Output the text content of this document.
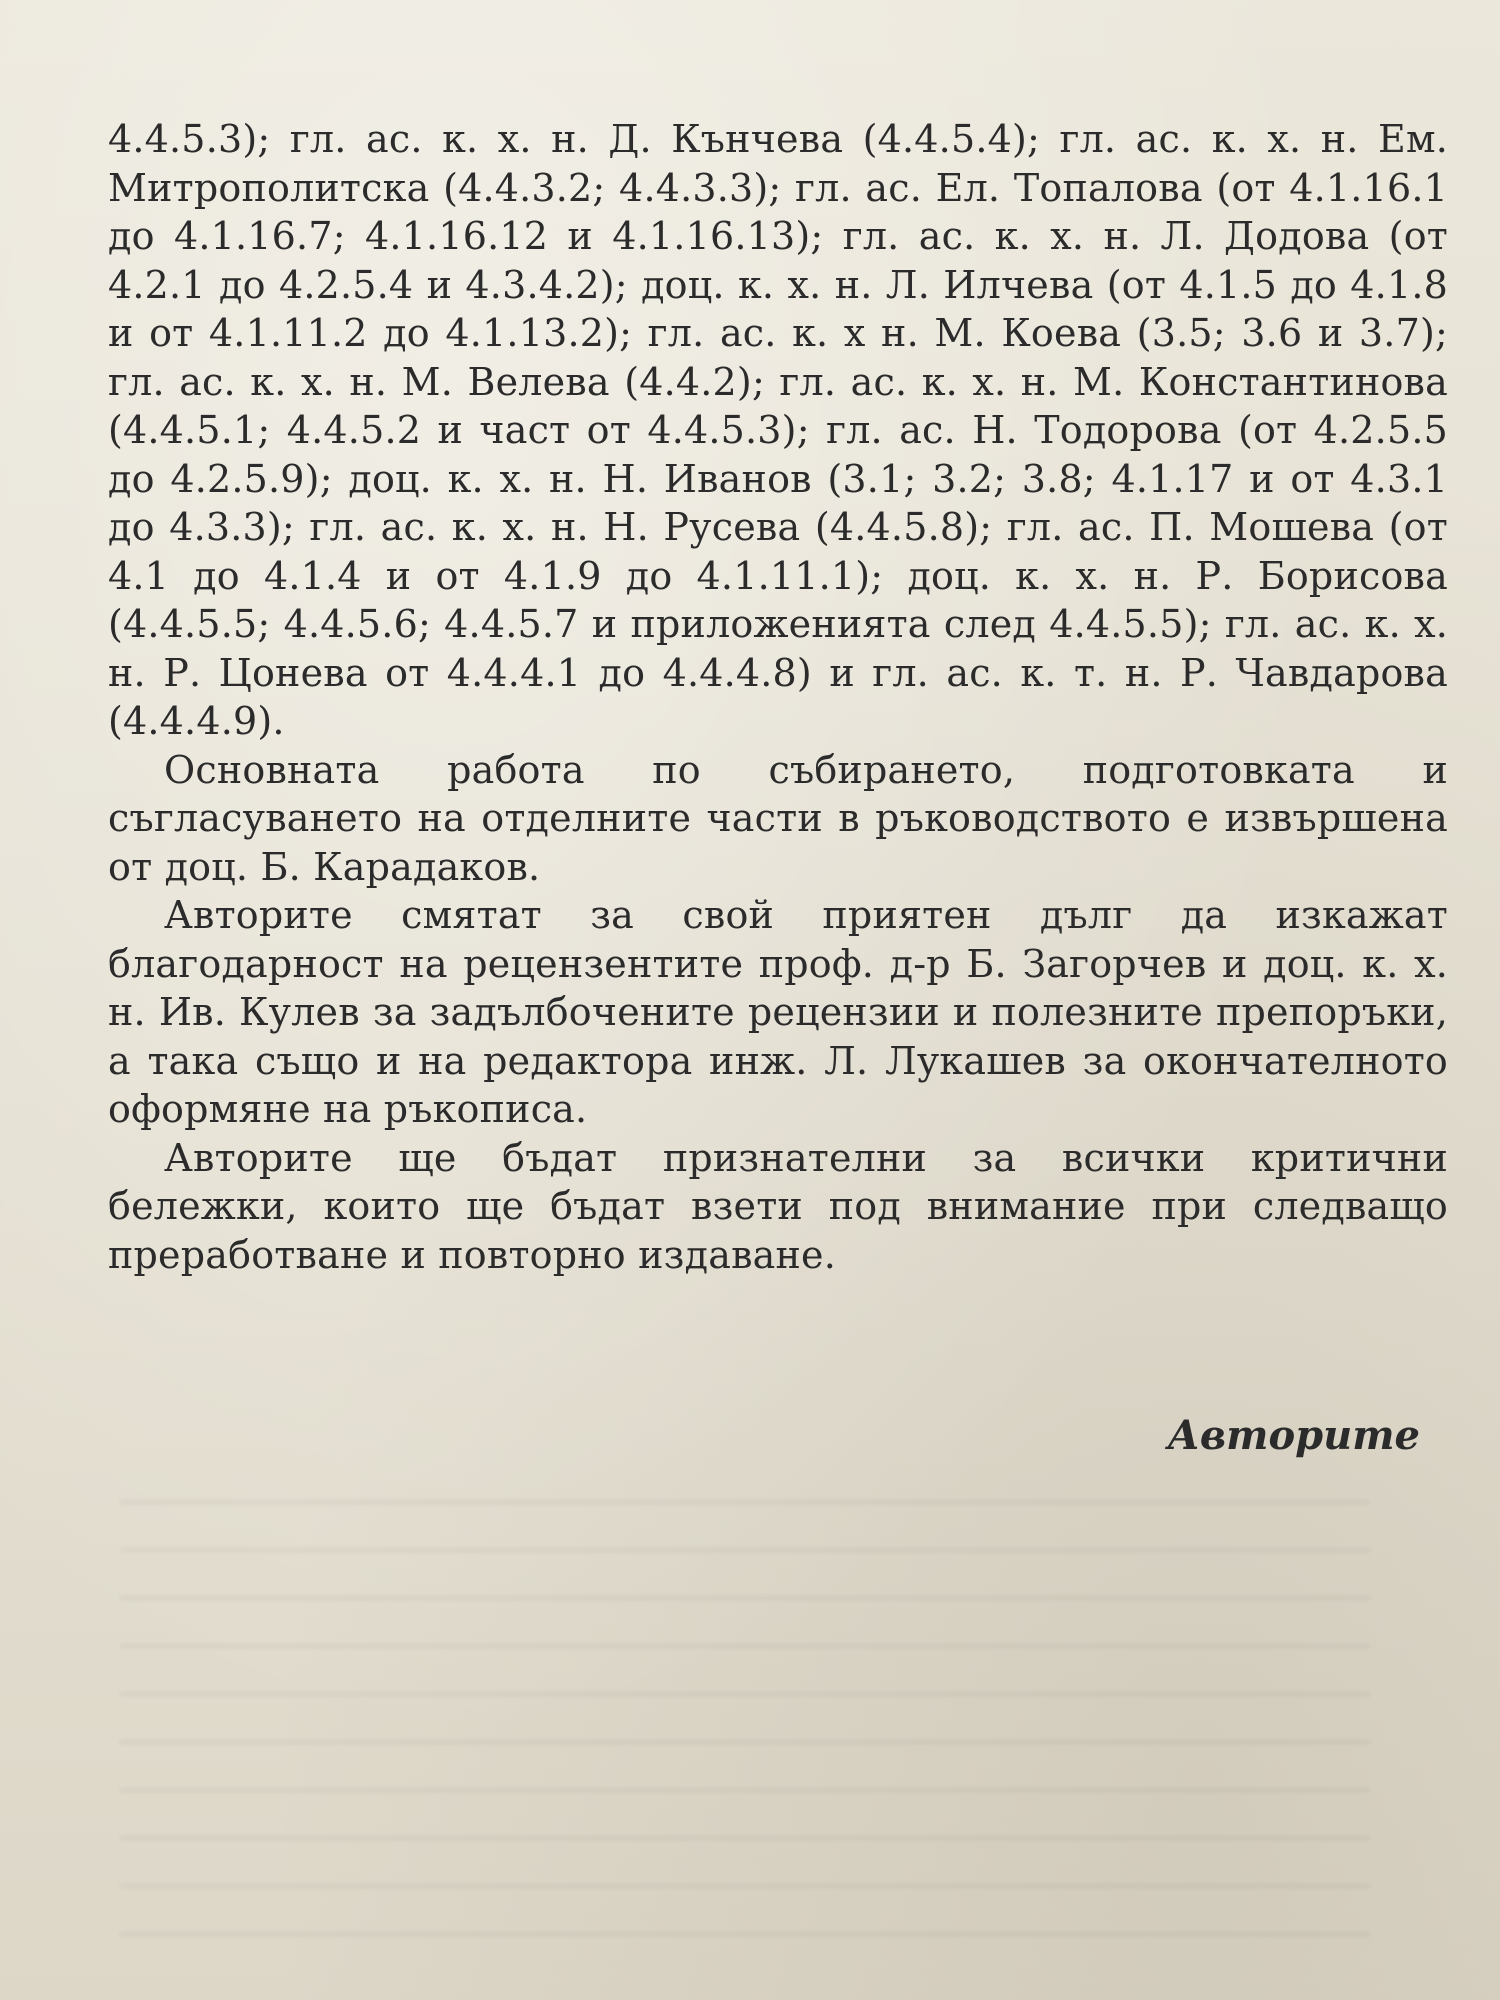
4.4.5.3); гл. ас. к. х. н. Д. Кънчева (4.4.5.4); гл. ас. к. х. н. Ем. Митрополитска (4.4.3.2; 4.4.3.3); гл. ас. Ел. Топалова (от 4.1.16.1 до 4.1.16.7; 4.1.16.12 и 4.1.16.13); гл. ас. к. х. н. Л. Додова (от 4.2.1 до 4.2.5.4 и 4.3.4.2); доц. к. х. н. Л. Илчева (от 4.1.5 до 4.1.8 и от 4.1.11.2 до 4.1.13.2); гл. ас. к. х н. М. Коева (3.5; 3.6 и 3.7); гл. ас. к. х. н. М. Велева (4.4.2); гл. ас. к. х. н. М. Константинова (4.4.5.1; 4.4.5.2 и част от 4.4.5.3); гл. ас. Н. Тодорова (от 4.2.5.5 до 4.2.5.9); доц. к. х. н. Н. Иванов (3.1; 3.2; 3.8; 4.1.17 и от 4.3.1 до 4.3.3); гл. ас. к. х. н. Н. Русева (4.4.5.8); гл. ас. П. Мошева (от 4.1 до 4.1.4 и от 4.1.9 до 4.1.11.1); доц. к. х. н. Р. Борисова (4.4.5.5; 4.4.5.6; 4.4.5.7 и приложенията след 4.4.5.5); гл. ас. к. х. н. Р. Цонева от 4.4.4.1 до 4.4.4.8) и гл. ас. к. т. н. Р. Чавдарова (4.4.4.9).

Основната работа по събирането, подготовката и съгласуването на отделните части в ръководството е извършена от доц. Б. Карадаков.

Авторите смятат за свой приятен дълг да изкажат благодарност на рецензентите проф. д-р Б. Загорчев и доц. к. х. н. Ив. Кулев за задълбочените рецензии и полезните препоръки, а така също и на редактора инж. Л. Лукашев за окончателното оформяне на ръкописа.

Авторите ще бъдат признателни за всички критични бележки, които ще бъдат взети под внимание при следващо преработване и повторно издаване.

Авторите
